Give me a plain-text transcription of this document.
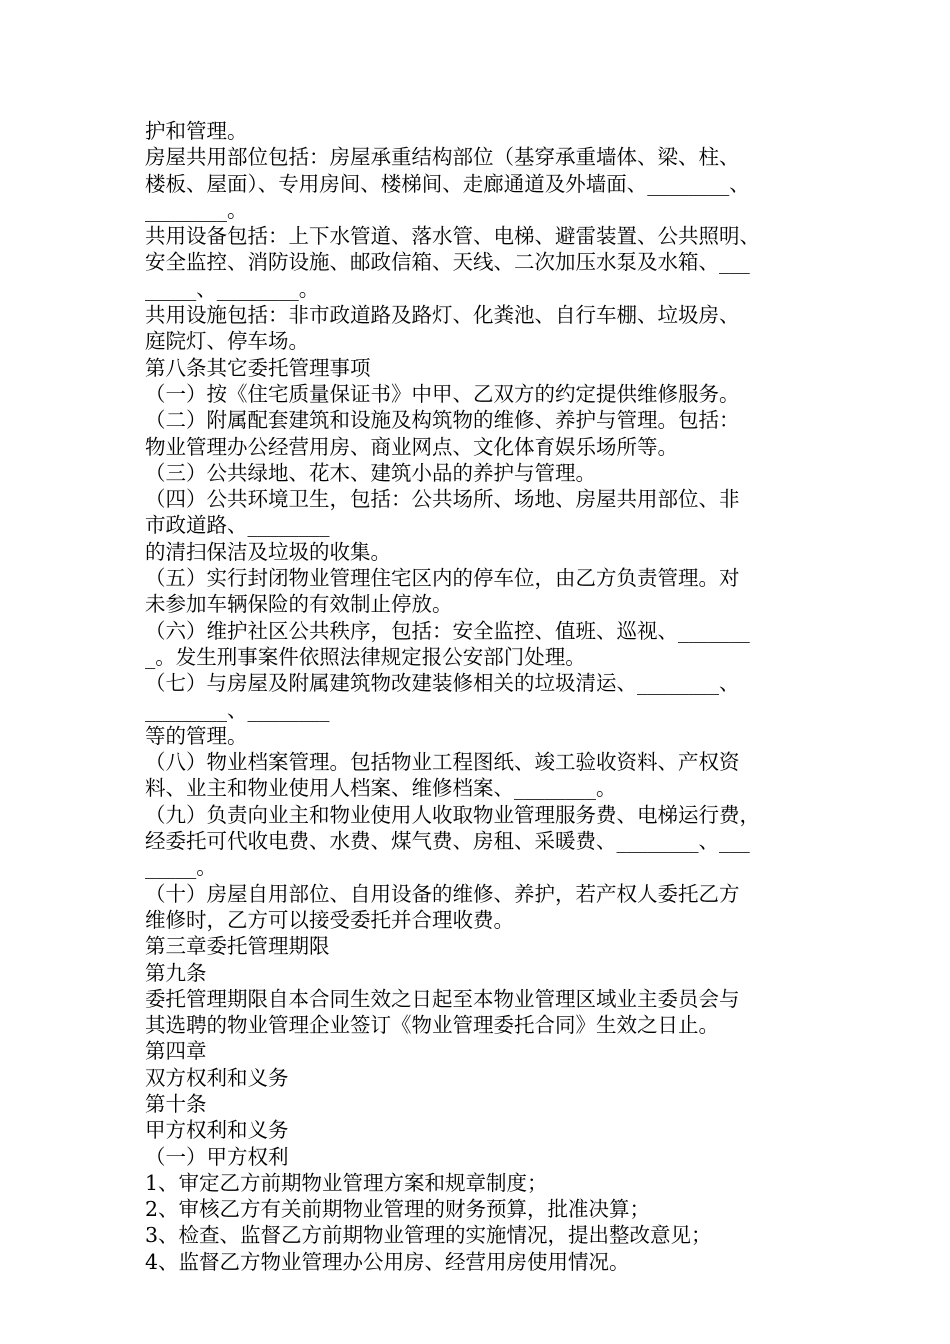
护和管理。
房屋共用部位包括：房屋承重结构部位（基穿承重墙体、梁、柱、
楼板、屋面）、专用房间、楼梯间、走廊通道及外墙面、________、
________。
共用设备包括：上下水管道、落水管、电梯、避雷装置、公共照明、
安全监控、消防设施、邮政信箱、天线、二次加压水泵及水箱、___
_____、________。
共用设施包括：非市政道路及路灯、化粪池、自行车棚、垃圾房、
庭院灯、停车场。
第八条其它委托管理事项
（一）按《住宅质量保证书》中甲、乙双方的约定提供维修服务。
（二）附属配套建筑和设施及构筑物的维修、养护与管理。包括：
物业管理办公经营用房、商业网点、文化体育娱乐场所等。
（三）公共绿地、花木、建筑小品的养护与管理。
（四）公共环境卫生，包括：公共场所、场地、房屋共用部位、非
市政道路、________
的清扫保洁及垃圾的收集。
（五）实行封闭物业管理住宅区内的停车位，由乙方负责管理。对
未参加车辆保险的有效制止停放。
（六）维护社区公共秩序，包括：安全监控、值班、巡视、_______
_。发生刑事案件依照法律规定报公安部门处理。
（七）与房屋及附属建筑物改建装修相关的垃圾清运、________、
________、________
等的管理。
（八）物业档案管理。包括物业工程图纸、竣工验收资料、产权资
料、业主和物业使用人档案、维修档案、________。
（九）负责向业主和物业使用人收取物业管理服务费、电梯运行费，
经委托可代收电费、水费、煤气费、房租、采暖费、________、___
_____。
（十）房屋自用部位、自用设备的维修、养护，若产权人委托乙方
维修时，乙方可以接受委托并合理收费。
第三章委托管理期限
第九条
委托管理期限自本合同生效之日起至本物业管理区域业主委员会与
其选聘的物业管理企业签订《物业管理委托合同》生效之日止。
第四章
双方权利和义务
第十条
甲方权利和义务
（一）甲方权利
1、审定乙方前期物业管理方案和规章制度；
2、审核乙方有关前期物业管理的财务预算，批准决算；
3、检查、监督乙方前期物业管理的实施情况，提出整改意见；
4、监督乙方物业管理办公用房、经营用房使用情况。
